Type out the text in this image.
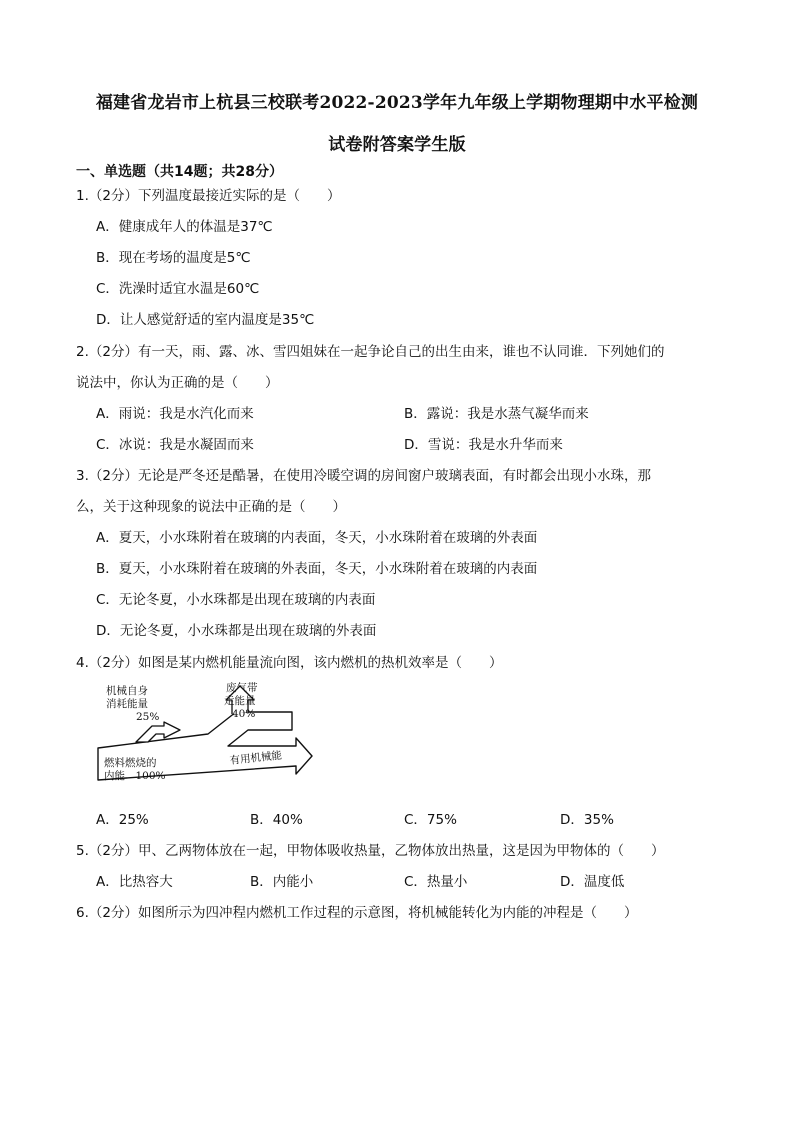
福建省龙岩市上杭县三校联考2022-2023学年九年级上学期物理期中水平检测
试卷附答案学生版
一、单选题（共14题；共28分）
1.（2分）下列温度最接近实际的是（　　）
A．健康成年人的体温是37℃
B．现在考场的温度是5℃
C．洗澡时适宜水温是60℃
D．让人感觉舒适的室内温度是35℃
2.（2分）有一天，雨、露、冰、雪四姐妹在一起争论自己的出生由来，谁也不认同谁．下列她们的
说法中，你认为正确的是（　　）
A．雨说：我是水汽化而来	B．露说：我是水蒸气凝华而来
C．冰说：我是水凝固而来	D．雪说：我是水升华而来
3.（2分）无论是严冬还是酷暑，在使用冷暖空调的房间窗户玻璃表面，有时都会出现小水珠，那
么，关于这种现象的说法中正确的是（　　）
A．夏天，小水珠附着在玻璃的内表面，冬天，小水珠附着在玻璃的外表面
B．夏天，小水珠附着在玻璃的外表面，冬天，小水珠附着在玻璃的内表面
C．无论冬夏，小水珠都是出现在玻璃的内表面
D．无论冬夏，小水珠都是出现在玻璃的外表面
4.（2分）如图是某内燃机能量流向图，该内燃机的热机效率是（　　）
机械自身
消耗能量
25%
废气带
走能量
40%
燃料燃烧的
内能　100%
有用机械能
A．25%	B．40%	C．75%	D．35%
5.（2分）甲、乙两物体放在一起，甲物体吸收热量，乙物体放出热量，这是因为甲物体的（　　）
A．比热容大	B．内能小	C．热量小	D．温度低
6.（2分）如图所示为四冲程内燃机工作过程的示意图，将机械能转化为内能的冲程是（　　）
